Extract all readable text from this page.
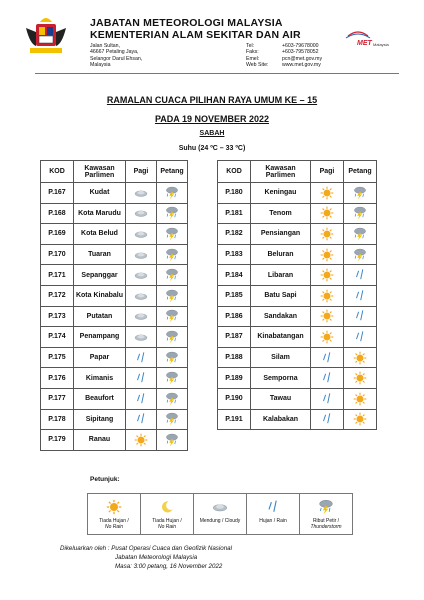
JABATAN METEOROLOGI MALAYSIA
KEMENTERIAN ALAM SEKITAR DAN AIR
Jalan Sultan,
46667 Petaling Jaya,
Selangor Darul Ehsan,
Malaysia
Tel:	+603-79678000
Faks:	+603-79578052
Emel:	pcn@met.gov.my
Web Site:	www.met.gov.my
MET Malaysia
RAMALAN CUACA PILIHAN RAYA UMUM KE – 15
PADA 19 NOVEMBER 2022
SABAH
Suhu (24 ºC – 33 ºC)
KOD	Kawasan Parlimen	Pagi	Petang
P.167	Kudat		
P.168	Kota Marudu		
P.169	Kota Belud		
P.170	Tuaran		
P.171	Sepanggar		
P.172	Kota Kinabalu		
P.173	Putatan		
P.174	Penampang		
P.175	Papar		
P.176	Kimanis		
P.177	Beaufort		
P.178	Sipitang		
P.179	Ranau		
KOD	Kawasan Parlimen	Pagi	Petang
P.180	Keningau		
P.181	Tenom		
P.182	Pensiangan		
P.183	Beluran		
P.184	Libaran		
P.185	Batu Sapi		
P.186	Sandakan		
P.187	Kinabatangan		
P.188	Silam		
P.189	Semporna		
P.190	Tawau		
P.191	Kalabakan		
Petunjuk:
Tiada Hujan /
No Rain

Tiada Hujan /
No Rain

Mendung / Cloudy	Hujan / Rain	Ribut Petir /
Thunderstorm
Dikeluarkan oleh : Pusat Operasi Cuaca dan Geofizik Nasional
Jabatan Meteorologi Malaysia
Masa: 3:00 petang, 16 November 2022
